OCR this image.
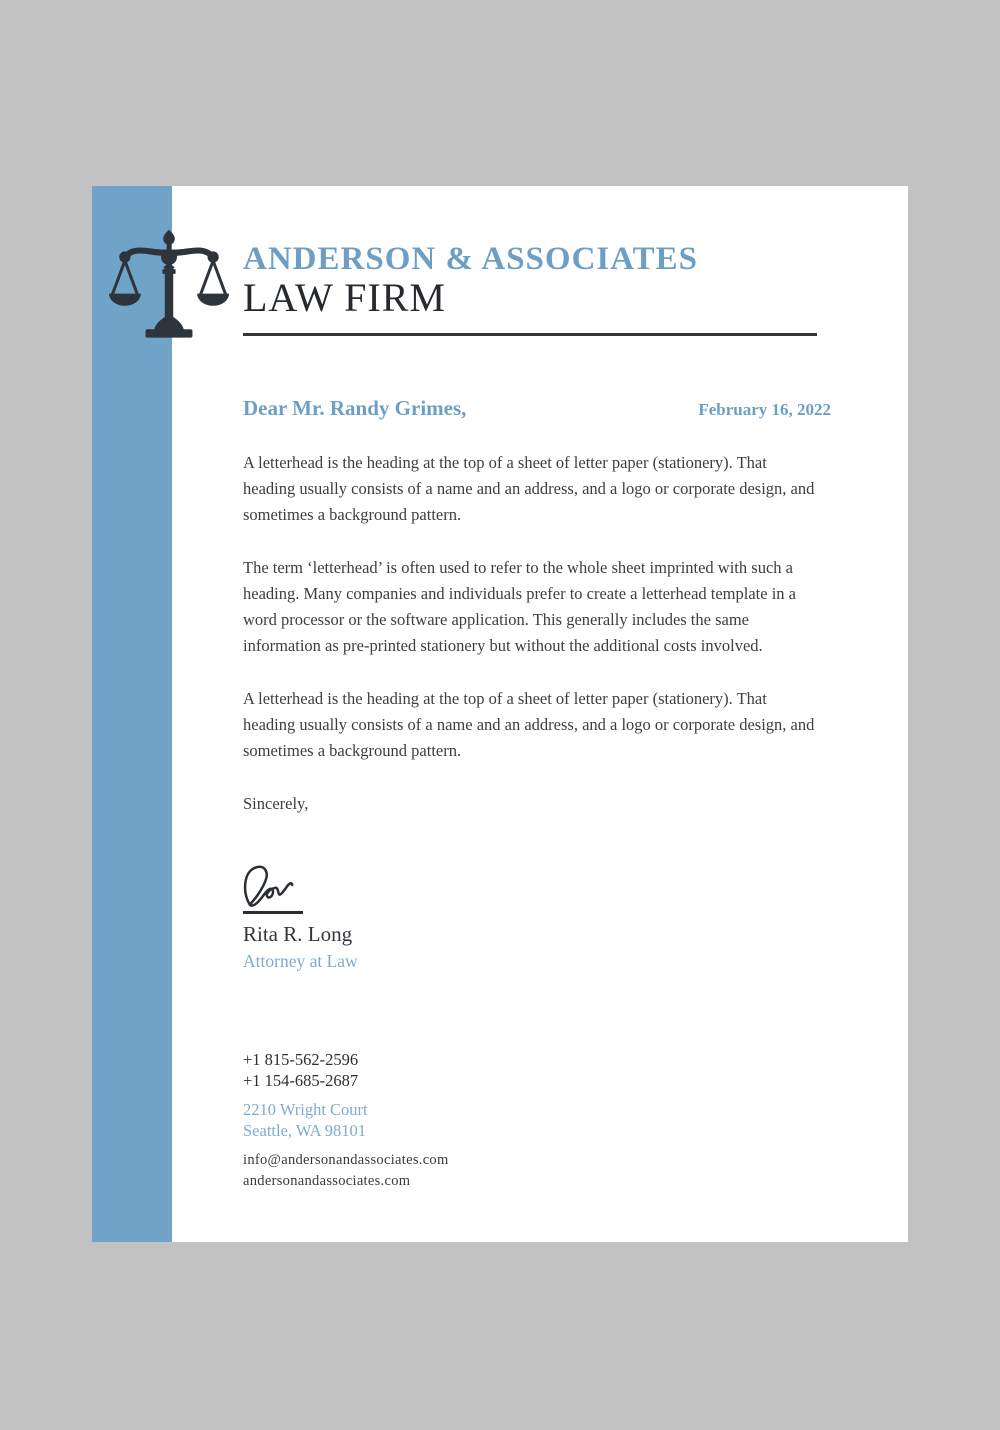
ANDERSON & ASSOCIATES
LAW FIRM
Dear Mr. Randy Grimes,	February 16, 2022

A letterhead is the heading at the top of a sheet of letter paper (stationery). That heading usually consists of a name and an address, and a logo or corporate design, and sometimes a background pattern.

The term ‘letterhead’ is often used to refer to the whole sheet imprinted with such a heading. Many companies and individuals prefer to create a letterhead template in a word processor or the software application. This generally includes the same information as pre-printed stationery but without the additional costs involved.

A letterhead is the heading at the top of a sheet of letter paper (stationery). That heading usually consists of a name and an address, and a logo or corporate design, and sometimes a background pattern.

Sincerely,

Rita R. Long
Attorney at Law
+1 815-562-2596
+1 154-685-2687
2210 Wright Court
Seattle, WA 98101
info@andersonandassociates.com
andersonandassociates.com
